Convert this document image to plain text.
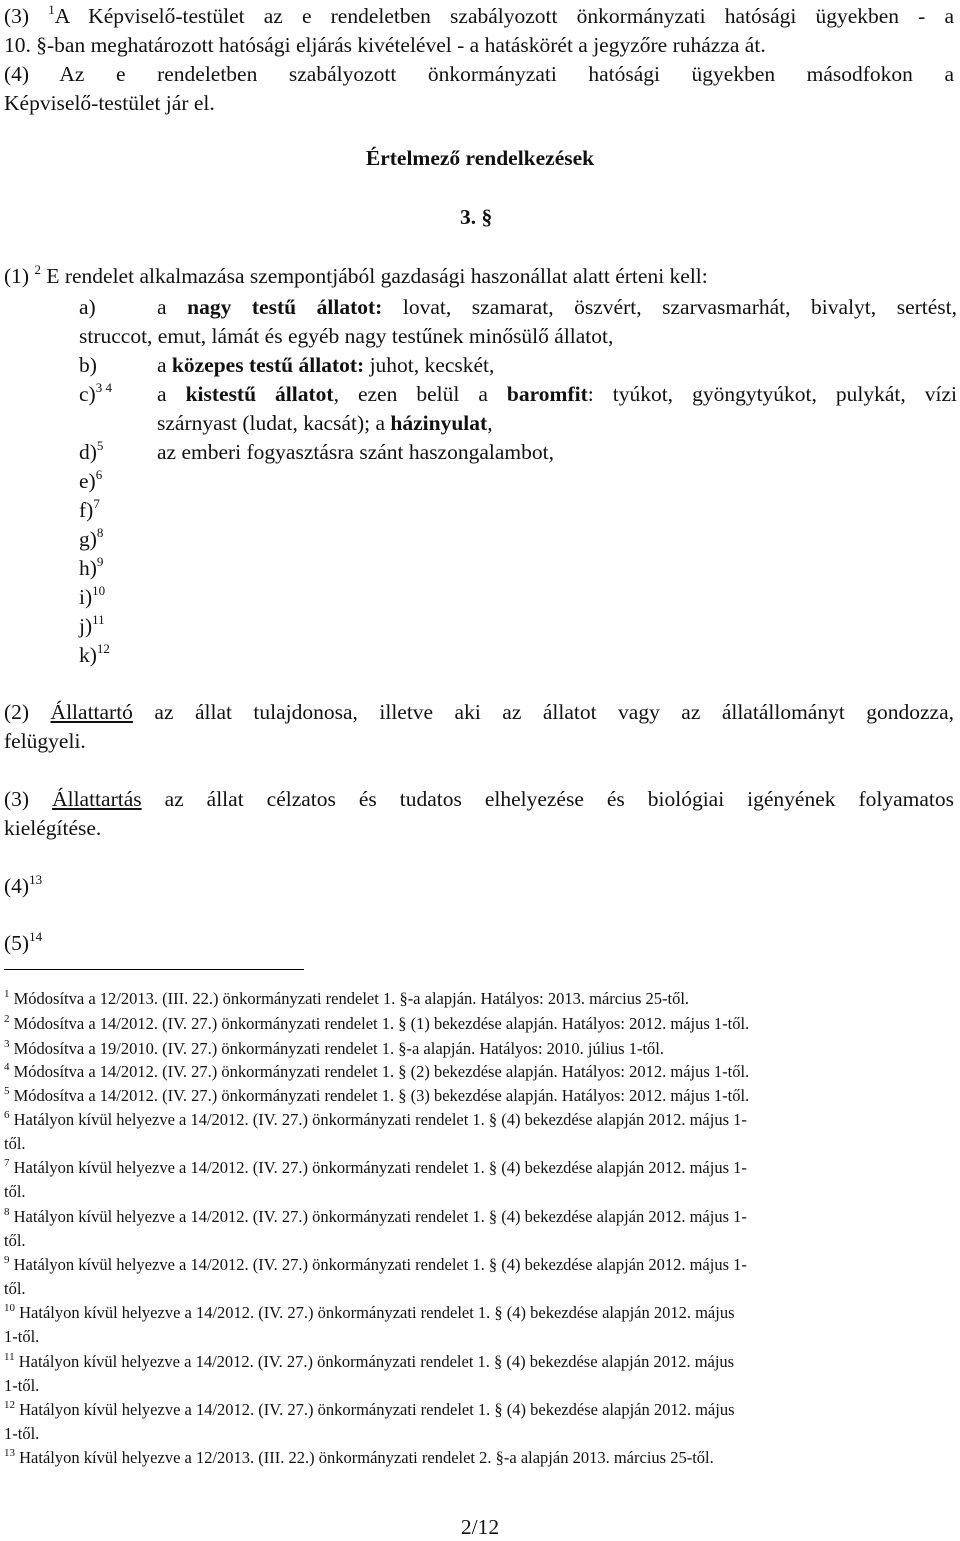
(3) $^1$A Képviselő-testület az e rendeletben szabályozott önkormányzati hatósági ügyekben - a
10. §-ban meghatározott hatósági eljárás kivételével - a hatáskörét a jegyzőre ruházza át.
(4) Az e rendeletben szabályozott önkormányzati hatósági ügyekben másodfokon a
Képviselő-testület jár el.
Értelmező rendelkezések
3. §
(1) $^2$ E rendelet alkalmazása szempontjából gazdasági haszonállat alatt érteni kell:
a)	a nagy testű állatot: lovat, szamarat, öszvért, szarvasmarhát, bivalyt, sertést,
struccot, emut, lámát és egyéb nagy testűnek minősülő állatot,
b)	a közepes testű állatot: juhot, kecskét,
c)$^{3 4}$ a kistestű állatot, ezen belül a baromfit: tyúkot, gyöngytyúkot, pulykát, vízi
szárnyast (ludat, kacsát); a házinyulat,
d)$^5$ az emberi fogyasztásra szánt haszongalambot,
e)$^6$
f)$^7$
g)$^8$
h)$^9$
i)$^{10}$
j)$^{11}$
k)$^{12}$
(2) Állattartó az állat tulajdonosa, illetve aki az állatot vagy az állatállományt gondozza,
felügyeli.
(3) Állattartás az állat célzatos és tudatos elhelyezése és biológiai igényének folyamatos
kielégítése.
$(4)^{13}$
$(5)^{14}$
$^1$ Módosítva a 12/2013. (III. 22.) önkormányzati rendelet 1. §-a alapján. Hatályos: 2013. március 25-től.
$^2$ Módosítva a 14/2012. (IV. 27.) önkormányzati rendelet 1. § (1) bekezdése alapján. Hatályos: 2012. május 1-től.
$^3$ Módosítva a 19/2010. (IV. 27.) önkormányzati rendelet 1. §-a alapján. Hatályos: 2010. július 1-től.
$^4$ Módosítva a 14/2012. (IV. 27.) önkormányzati rendelet 1. § (2) bekezdése alapján. Hatályos: 2012. május 1-től.
$^5$ Módosítva a 14/2012. (IV. 27.) önkormányzati rendelet 1. § (3) bekezdése alapján. Hatályos: 2012. május 1-től.
$^6$ Hatályon kívül helyezve a 14/2012. (IV. 27.) önkormányzati rendelet 1. § (4) bekezdése alapján 2012. május 1-
től.
$^7$ Hatályon kívül helyezve a 14/2012. (IV. 27.) önkormányzati rendelet 1. § (4) bekezdése alapján 2012. május 1-
től.
$^8$ Hatályon kívül helyezve a 14/2012. (IV. 27.) önkormányzati rendelet 1. § (4) bekezdése alapján 2012. május 1-
től.
$^9$ Hatályon kívül helyezve a 14/2012. (IV. 27.) önkormányzati rendelet 1. § (4) bekezdése alapján 2012. május 1-
től.
$^{10}$ Hatályon kívül helyezve a 14/2012. (IV. 27.) önkormányzati rendelet 1. § (4) bekezdése alapján 2012. május
1-től.
$^{11}$ Hatályon kívül helyezve a 14/2012. (IV. 27.) önkormányzati rendelet 1. § (4) bekezdése alapján 2012. május
1-től.
$^{12}$ Hatályon kívül helyezve a 14/2012. (IV. 27.) önkormányzati rendelet 1. § (4) bekezdése alapján 2012. május
1-től.
$^{13}$ Hatályon kívül helyezve a 12/2013. (III. 22.) önkormányzati rendelet 2. §-a alapján 2013. március 25-től.
2/12
